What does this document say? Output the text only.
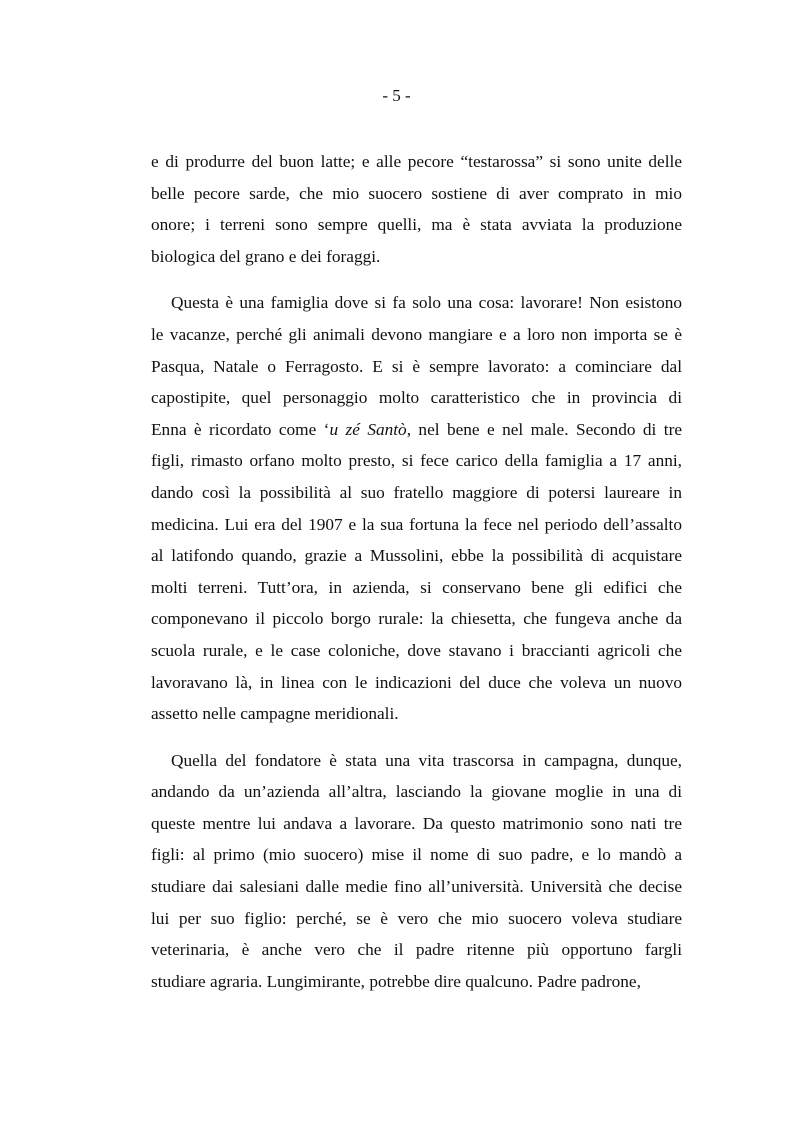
- 5 -
e di produrre del buon latte; e alle pecore “testarossa” si sono unite delle
belle pecore sarde, che mio suocero sostiene di aver comprato in mio
onore; i terreni sono sempre quelli, ma è stata avviata la produzione
biologica del grano e dei foraggi.
Questa è una famiglia dove si fa solo una cosa: lavorare! Non esistono
le vacanze, perché gli animali devono mangiare e a loro non importa se è
Pasqua, Natale o Ferragosto. E si è sempre lavorato: a cominciare dal
capostipite, quel personaggio molto caratteristico che in provincia di
Enna è ricordato come ‘u zé Santò, nel bene e nel male. Secondo di tre
figli, rimasto orfano molto presto, si fece carico della famiglia a 17 anni,
dando così la possibilità al suo fratello maggiore di potersi laureare in
medicina. Lui era del 1907 e la sua fortuna la fece nel periodo dell’assalto
al latifondo quando, grazie a Mussolini, ebbe la possibilità di acquistare
molti terreni. Tutt’ora, in azienda, si conservano bene gli edifici che
componevano il piccolo borgo rurale: la chiesetta, che fungeva anche da
scuola rurale, e le case coloniche, dove stavano i braccianti agricoli che
lavoravano là, in linea con le indicazioni del duce che voleva un nuovo
assetto nelle campagne meridionali.
Quella del fondatore è stata una vita trascorsa in campagna, dunque,
andando da un’azienda all’altra, lasciando la giovane moglie in una di
queste mentre lui andava a lavorare. Da questo matrimonio sono nati tre
figli: al primo (mio suocero) mise il nome di suo padre, e lo mandò a
studiare dai salesiani dalle medie fino all’università. Università che decise
lui per suo figlio: perché, se è vero che mio suocero voleva studiare
veterinaria, è anche vero che il padre ritenne più opportuno fargli
studiare agraria. Lungimirante, potrebbe dire qualcuno. Padre padrone,
